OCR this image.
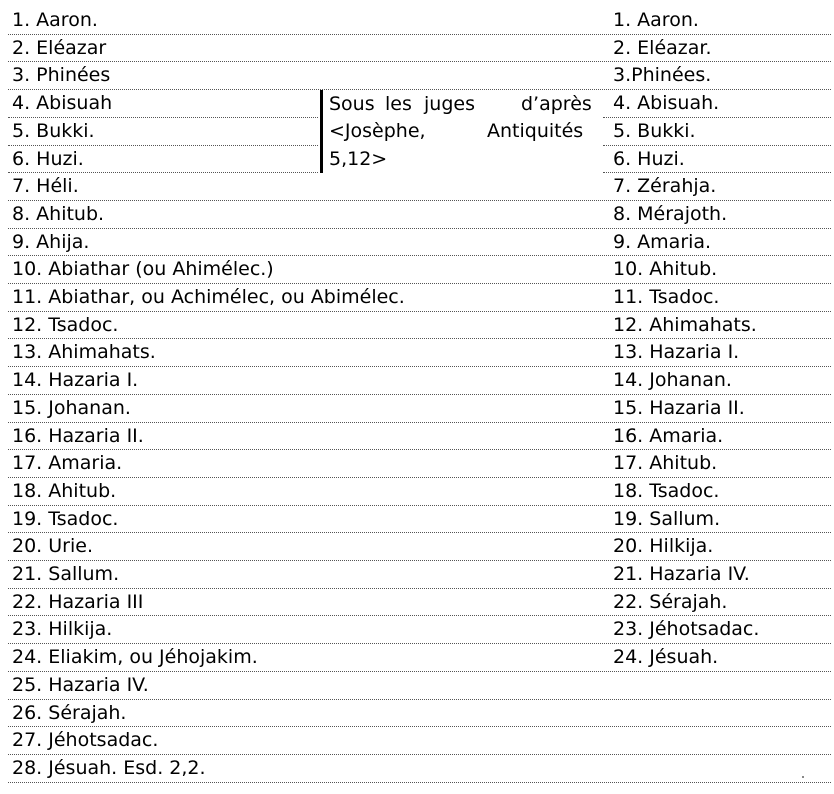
1. Aaron.	1. Aaron.
2. Eléazar	2. Eléazar.
3. Phinées	3.Phinées.
4. Abisuah	4. Abisuah.
5. Bukki.	5. Bukki.
6. Huzi.	6. Huzi.
7. Héli.	7. Zérahja.
8. Ahitub.	8. Mérajoth.
9. Ahija.	9. Amaria.
10. Abiathar (ou Ahimélec.)	10. Ahitub.
11. Abiathar, ou Achimélec, ou Abimélec.	11. Tsadoc.
12. Tsadoc.	12. Ahimahats.
13. Ahimahats.	13. Hazaria I.
14. Hazaria I.	14. Johanan.
15. Johanan.	15. Hazaria II.
16. Hazaria II.	16. Amaria.
17. Amaria.	17. Ahitub.
18. Ahitub.	18. Tsadoc.
19. Tsadoc.	19. Sallum.
20. Urie.	20. Hilkija.
21. Sallum.	21. Hazaria IV.
22. Hazaria III	22. Sérajah.
23. Hilkija.	23. Jéhotsadac.
24. Eliakim, ou Jéhojakim.	24. Jésuah.
25. Hazaria IV.
26. Sérajah.
27. Jéhotsadac.
28. Jésuah. Esd. 2,2.
Sous les juges d’après
<Josèphe,	Antiquités
5,12>
